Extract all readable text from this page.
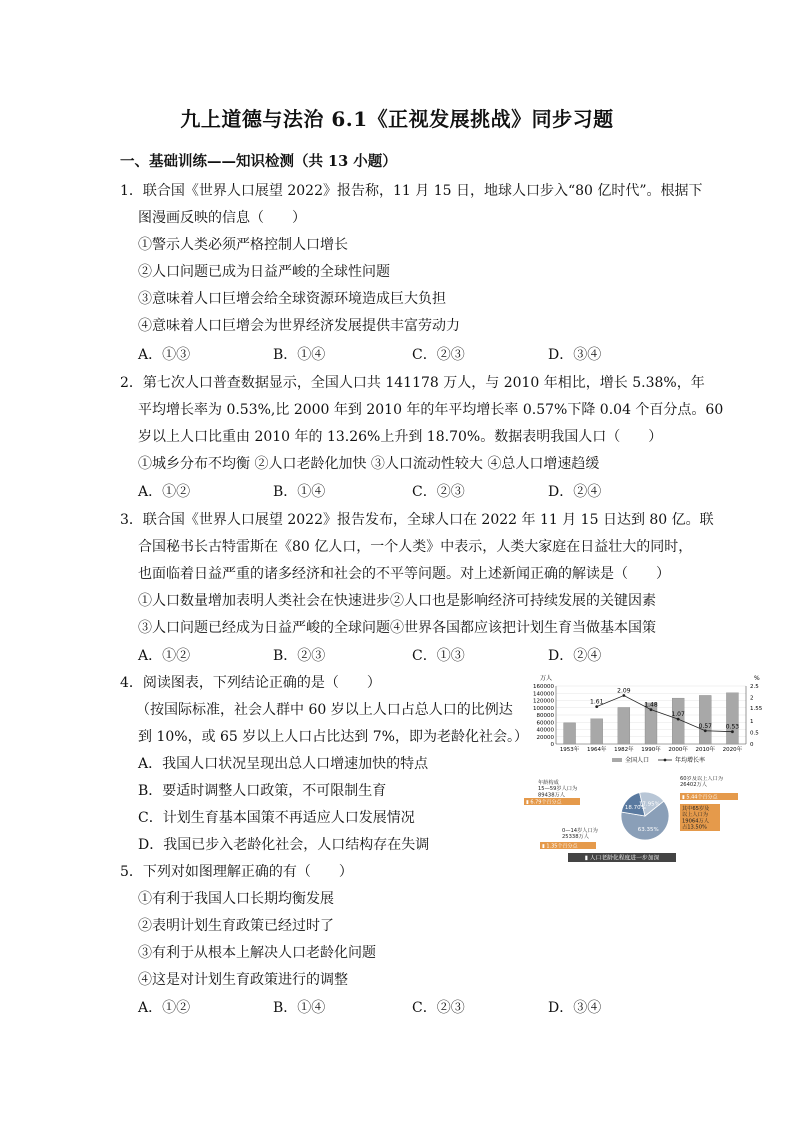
九上道德与法治 6.1《正视发展挑战》同步习题
一、基础训练——知识检测（共 13 小题）
1．联合国《世界人口展望 2022》报告称，11 月 15 日，地球人口步入“80 亿时代”。根据下
图漫画反映的信息（　　）
①警示人类必须严格控制人口增长
②人口问题已成为日益严峻的全球性问题
③意味着人口巨增会给全球资源环境造成巨大负担
④意味着人口巨增会为世界经济发展提供丰富劳动力
A．①③	B．①④	C．②③	D．③④
2．第七次人口普查数据显示，全国人口共 141178 万人，与 2010 年相比，增长 5.38%，年
平均增长率为 0.53%,比 2000 年到 2010 年的年平均增长率 0.57%下降 0.04 个百分点。60
岁以上人口比重由 2010 年的 13.26%上升到 18.70%。数据表明我国人口（　　）
①城乡分布不均衡 ②人口老龄化加快 ③人口流动性较大 ④总人口增速趋缓
A．①②	B．①④	C．②③	D．②④
3．联合国《世界人口展望 2022》报告发布，全球人口在 2022 年 11 月 15 日达到 80 亿。联
合国秘书长古特雷斯在《80 亿人口，一个人类》中表示，人类大家庭在日益壮大的同时，
也面临着日益严重的诸多经济和社会的不平等问题。对上述新闻正确的解读是（　　）
①人口数量增加表明人类社会在快速进步②人口也是影响经济可持续发展的关键因素
③人口问题已经成为日益严峻的全球问题④世界各国都应该把计划生育当做基本国策
A．①②	B．②③	C．①③	D．②④
4．阅读图表，下列结论正确的是（　　）
（按国际标准，社会人群中 60 岁以上人口占总人口的比例达
到 10%，或 65 岁以上人口占比达到 7%，即为老龄化社会。）
A．我国人口状况呈现出总人口增速加快的特点
B．要适时调整人口政策，不可限制生育
C．计划生育基本国策不再适应人口发展情况
D．我国已步入老龄化社会，人口结构存在失调
万人	%
160000
140000
120000
100000
80000
60000
40000
20000
0
2.5
2
1.55
1
0.5
0
1953年 1964年
1.61
1982年
2.09
1990年
1.48
2000年
1.07
2010年
0.57
2020年
0.53
全国人口	年均增长率

63.35%
18.70%
17.95%
年龄构成 15—59岁人口为 89438万人
60岁及以上人口为 26402万人
0—14岁人口为 25338万人
▮ 6.79个百分点
▮ 5.44个百分点
其中65岁及以上人口为 19064万人占13.50%
▮ 1.35个百分点
▮ 人口老龄化程度进一步加深
5．下列对如图理解正确的有（　　）
①有利于我国人口长期均衡发展
②表明计划生育政策已经过时了
③有利于从根本上解决人口老龄化问题
④这是对计划生育政策进行的调整
A．①②	B．①④	C．②③	D．③④
